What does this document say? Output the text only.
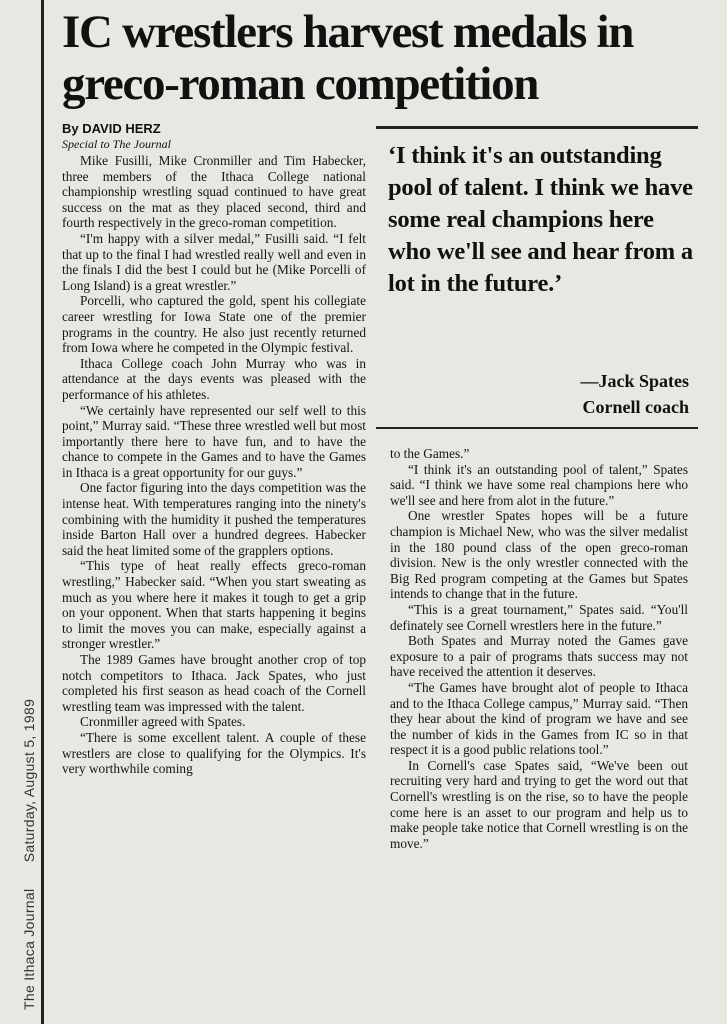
The Ithaca Journal  Saturday, August 5, 1989
IC wrestlers harvest medals in greco-roman competition
By DAVID HERZ
Special to The Journal

Mike Fusilli, Mike Cronmiller and Tim Habecker, three members of the Ithaca College national championship wrestling squad continued to have great success on the mat as they placed second, third and fourth respectively in the greco-roman competition.

“I'm happy with a silver medal,” Fusilli said. “I felt that up to the final I had wrestled really well and even in the finals I did the best I could but he (Mike Porcelli of Long Island) is a great wrestler.”

Porcelli, who captured the gold, spent his collegiate career wrestling for Iowa State one of the premier programs in the country. He also just recently returned from Iowa where he competed in the Olympic festival.

Ithaca College coach John Murray who was in attendance at the days events was pleased with the performance of his athletes.

“We certainly have represented our self well to this point,” Murray said. “These three wrestled well but most importantly there here to have fun, and to have the chance to compete in the Games and to have the Games in Ithaca is a great opportunity for our guys.”

One factor figuring into the days competition was the intense heat. With temperatures ranging into the ninety's combining with the humidity it pushed the temperatures inside Barton Hall over a hundred degrees. Habecker said the heat limited some of the grapplers options.

“This type of heat really effects greco-roman wrestling,” Habecker said. “When you start sweating as much as you where here it makes it tough to get a grip on your opponent. When that starts happening it begins to limit the moves you can make, especially against a stronger wrestler.”

The 1989 Games have brought another crop of top notch competitors to Ithaca. Jack Spates, who just completed his first season as head coach of the Cornell wrestling team was impressed with the talent.

Cronmiller agreed with Spates.

“There is some excellent talent. A couple of these wrestlers are close to qualifying for the Olympics. It's very worthwhile coming

‘I think it's an outstanding pool of talent. I think we have some real champions here who we'll see and hear from a lot in the future.’

—Jack Spates
Cornell coach

to the Games.”

“I think it's an outstanding pool of talent,” Spates said. “I think we have some real champions here who we'll see and here from alot in the future.”

One wrestler Spates hopes will be a future champion is Michael New, who was the silver medalist in the 180 pound class of the open greco-roman division. New is the only wrestler connected with the Big Red program competing at the Games but Spates intends to change that in the future.

“This is a great tournament,” Spates said. “You'll definately see Cornell wrestlers here in the future.”

Both Spates and Murray noted the Games gave exposure to a pair of programs thats success may not have received the attention it deserves.

“The Games have brought alot of people to Ithaca and to the Ithaca College campus,” Murray said. “Then they hear about the kind of program we have and see the number of kids in the Games from IC so in that respect it is a good public relations tool.”

In Cornell's case Spates said, “We've been out recruiting very hard and trying to get the word out that Cornell's wrestling is on the rise, so to have the people come here is an asset to our program and help us to make people take notice that Cornell wrestling is on the move.”
